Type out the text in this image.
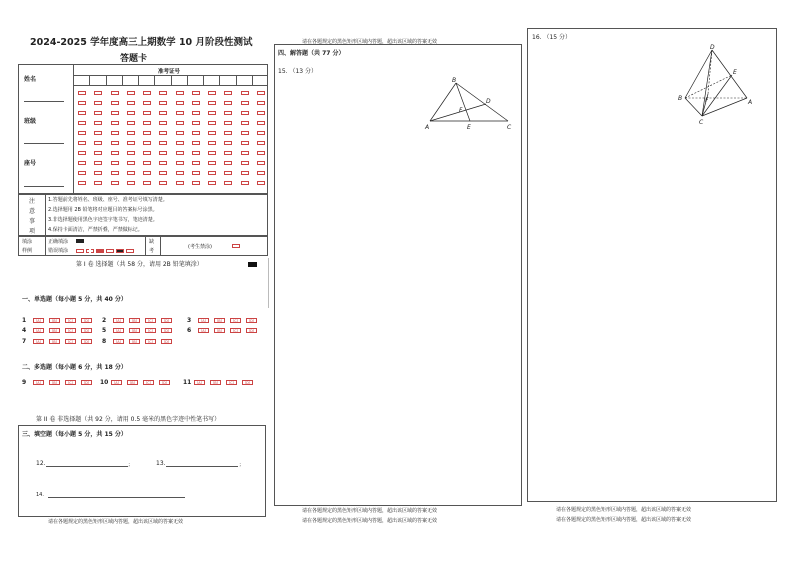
2024-2025 学年度高三上期数学 10 月阶段性测试
答题卡
姓名
班级
座号
准考证号
注
意
事
项
1.答题前先将姓名、班级、座号、准考证号填写清楚。
2.选择题用 2B 铅笔将对应题目的答案标号涂黑。
3.非选择题使用黑色字迹签字笔书写，笔迹清楚。
4.保持卡面清洁，严禁折叠，严禁做标记。
填涂
样例
正确填涂
错误填涂
缺
考
(考生禁涂)
第 I 卷 选择题（共 58 分，请用 2B 铅笔填涂）
一、单选题（每小题 5 分，共 40 分）
1	[A]	[B]	[C]	[D]	2	[A]	[B]	[C]	[D]	3	[A]	[B]	[C]	[D]
4	[A]	[B]	[C]	[D]	5	[A]	[B]	[C]	[D]	6	[A]	[B]	[C]	[D]
7	[A]	[B]	[C]	[D]	8	[A]	[B]	[C]	[D]
二、多选题（每小题 6 分，共 18 分）
9	[A]	[B]	[C]	[D]	10	[A]	[B]	[C]	[D]	11	[A]	[B]	[C]	[D]
第 II 卷 非选择题（共 92 分，请用 0.5 毫米的黑色字迹中性笔书写）
三、填空题（每小题 5 分，共 15 分）
12.	；	13.	；
14.
请在各题规定的黑色矩形区域内答题，超出该区域的答案无效
请在各题规定的黑色矩形区域内答题，超出该区域的答案无效
四、解答题（共 77 分）
15. （13 分）
A
B
C
D
E
F
请在各题规定的黑色矩形区域内答题，超出该区域的答案无效
请在各题规定的黑色矩形区域内答题，超出该区域的答案无效
16. （15 分）
A
B
C
D
E
F
请在各题规定的黑色矩形区域内答题，超出该区域的答案无效
请在各题规定的黑色矩形区域内答题，超出该区域的答案无效
